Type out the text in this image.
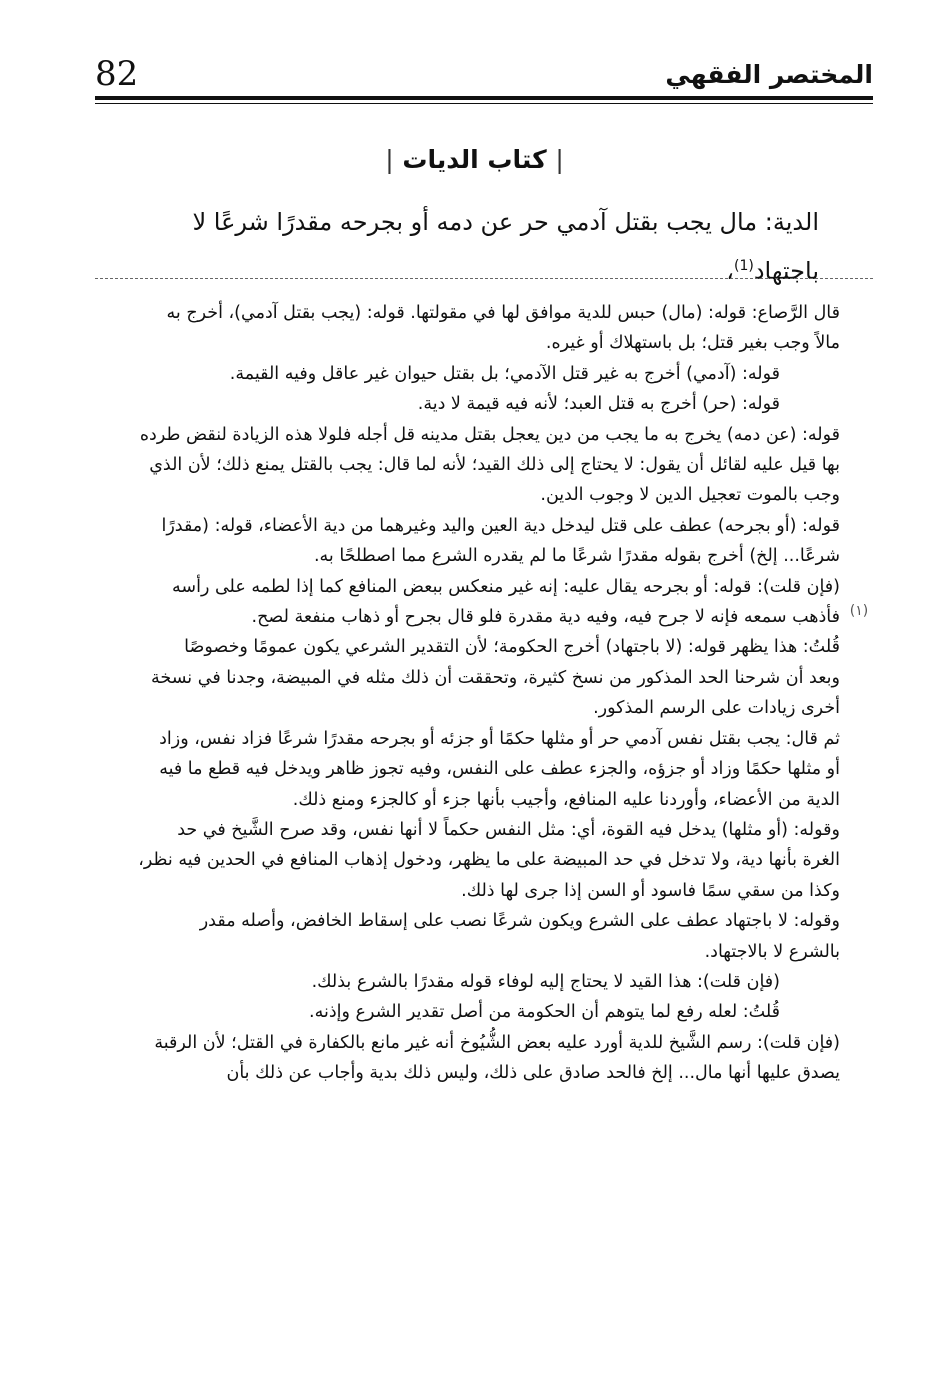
82	المختصر الفقهي
| كتاب الديات |
الدية: مال يجب بقتل آدمي حر عن دمه أو بجرحه مقدرًا شرعًا لا باجتهاد$^{(1)}$،
(١)

قال الرَّصاع: قوله: (مال) حبس للدية موافق لها في مقولتها. قوله: (يجب بقتل آدمي)، أخرج به

مالاً وجب بغير قتل؛ بل باستهلاك أو غيره.

قوله: (آدمي) أخرج به غير قتل الآدمي؛ بل بقتل حيوان غير عاقل وفيه القيمة.

قوله: (حر) أخرج به قتل العبد؛ لأنه فيه قيمة لا دية.

قوله: (عن دمه) يخرج به ما يجب من دين يعجل بقتل مدينه قل أجله فلولا هذه الزيادة لنقض طرده

بها قيل عليه لقائل أن يقول: لا يحتاج إلى ذلك القيد؛ لأنه لما قال: يجب بالقتل يمنع ذلك؛ لأن الذي

وجب بالموت تعجيل الدين لا وجوب الدين.

قوله: (أو بجرحه) عطف على قتل ليدخل دية العين واليد وغيرهما من دية الأعضاء، قوله: (مقدرًا

شرعًا... إلخ) أخرج بقوله مقدرًا شرعًا ما لم يقدره الشرع مما اصطلحًا به.

(فإن قلت): قوله: أو بجرحه يقال عليه: إنه غير منعكس ببعض المنافع كما إذا لطمه على رأسه

فأذهب سمعه فإنه لا جرح فيه، وفيه دية مقدرة فلو قال بجرح أو ذهاب منفعة لصح.

قُلتُ: هذا يظهر قوله: (لا باجتهاد) أخرج الحكومة؛ لأن التقدير الشرعي يكون عمومًا وخصوصًا

وبعد أن شرحنا الحد المذكور من نسخ كثيرة، وتحققت أن ذلك مثله في المبيضة، وجدنا في نسخة

أخرى زيادات على الرسم المذكور.

ثم قال: يجب بقتل نفس آدمي حر أو مثلها حكمًا أو جزئه أو بجرحه مقدرًا شرعًا فزاد نفس، وزاد

أو مثلها حكمًا وزاد أو جزؤه، والجزء عطف على النفس، وفيه تجوز ظاهر ويدخل فيه قطع ما فيه

الدية من الأعضاء، وأوردنا عليه المنافع، وأجيب بأنها جزء أو كالجزء ومنع ذلك.

وقوله: (أو مثلها) يدخل فيه القوة، أي: مثل النفس حكماً لا أنها نفس، وقد صرح الشَّيخ في حد

الغرة بأنها دية، ولا تدخل في حد المبيضة على ما يظهر، ودخول إذهاب المنافع في الحدين فيه نظر،

وكذا من سقي سمًا فاسود أو السن إذا جرى لها ذلك.

وقوله: لا باجتهاد عطف على الشرع ويكون شرعًا نصب على إسقاط الخافض، وأصله مقدر

بالشرع لا بالاجتهاد.

(فإن قلت): هذا القيد لا يحتاج إليه لوفاء قوله مقدرًا بالشرع بذلك.

قُلتُ: لعله رفع لما يتوهم أن الحكومة من أصل تقدير الشرع وإذنه.

(فإن قلت): رسم الشَّيخ للدية أورد عليه بعض الشُّيُوخ أنه غير مانع بالكفارة في القتل؛ لأن الرقبة

يصدق عليها أنها مال... إلخ فالحد صادق على ذلك، وليس ذلك بدية وأجاب عن ذلك بأن
